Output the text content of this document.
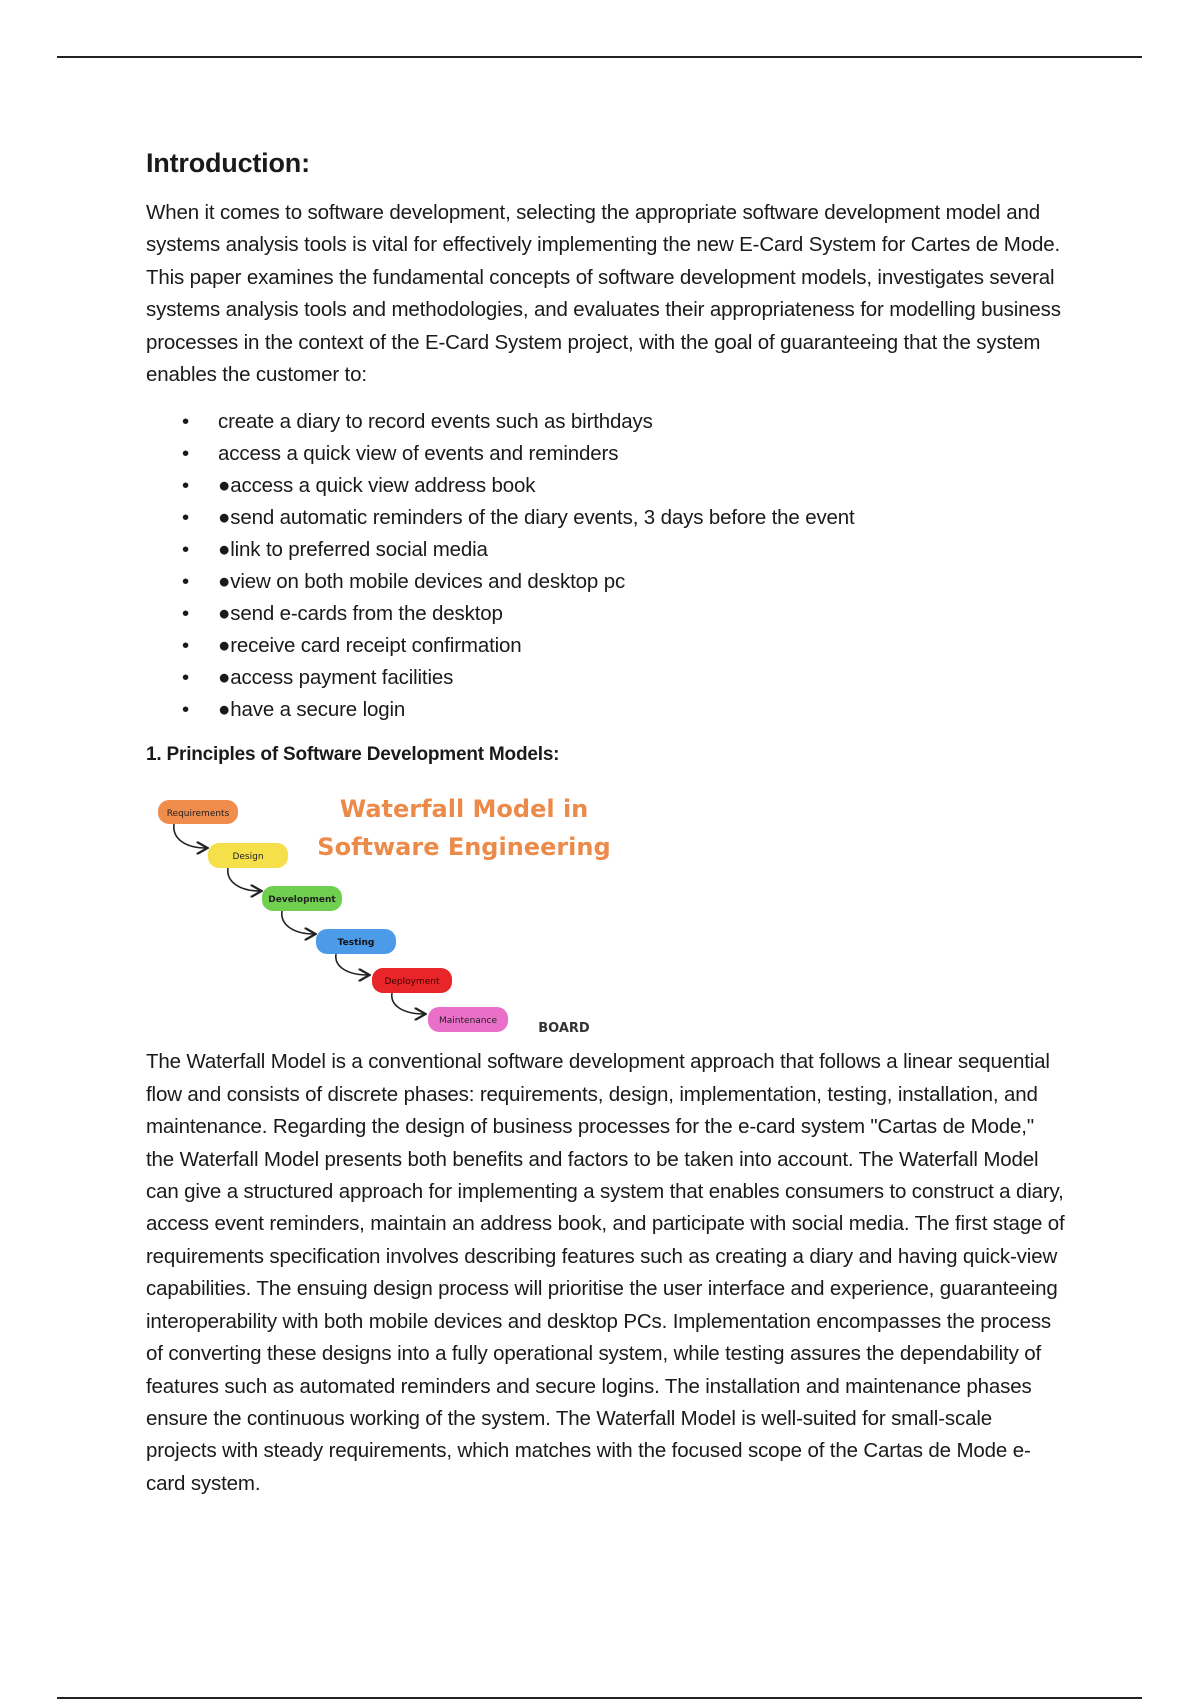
Introduction:

When it comes to software development, selecting the appropriate software development model and systems analysis tools is vital for effectively implementing the new E-Card System for Cartes de Mode. This paper examines the fundamental concepts of software development models, investigates several systems analysis tools and methodologies, and evaluates their appropriateness for modelling business processes in the context of the E-Card System project, with the goal of guaranteeing that the system enables the customer to:

• create a diary to record events such as birthdays
• access a quick view of events and reminders
• ●access a quick view address book
• ●send automatic reminders of the diary events, 3 days before the event
• ●link to preferred social media
• ●view on both mobile devices and desktop pc
• ●send e-cards from the desktop
• ●receive card receipt confirmation
• ●access payment facilities
• ●have a secure login
1. Principles of Software Development Models:
Waterfall Model in
Software Engineering
Requirements
Design
Development
Testing
Deployment
Maintenance	BOARD

The Waterfall Model is a conventional software development approach that follows a linear sequential flow and consists of discrete phases: requirements, design, implementation, testing, installation, and maintenance. Regarding the design of business processes for the e-card system "Cartas de Mode," the Waterfall Model presents both benefits and factors to be taken into account. The Waterfall Model can give a structured approach for implementing a system that enables consumers to construct a diary, access event reminders, maintain an address book, and participate with social media. The first stage of requirements specification involves describing features such as creating a diary and having quick-view capabilities. The ensuing design process will prioritise the user interface and experience, guaranteeing interoperability with both mobile devices and desktop PCs. Implementation encompasses the process of converting these designs into a fully operational system, while testing assures the dependability of features such as automated reminders and secure logins. The installation and maintenance phases ensure the continuous working of the system. The Waterfall Model is well-suited for small-scale projects with steady requirements, which matches with the focused scope of the Cartas de Mode e-card system.
